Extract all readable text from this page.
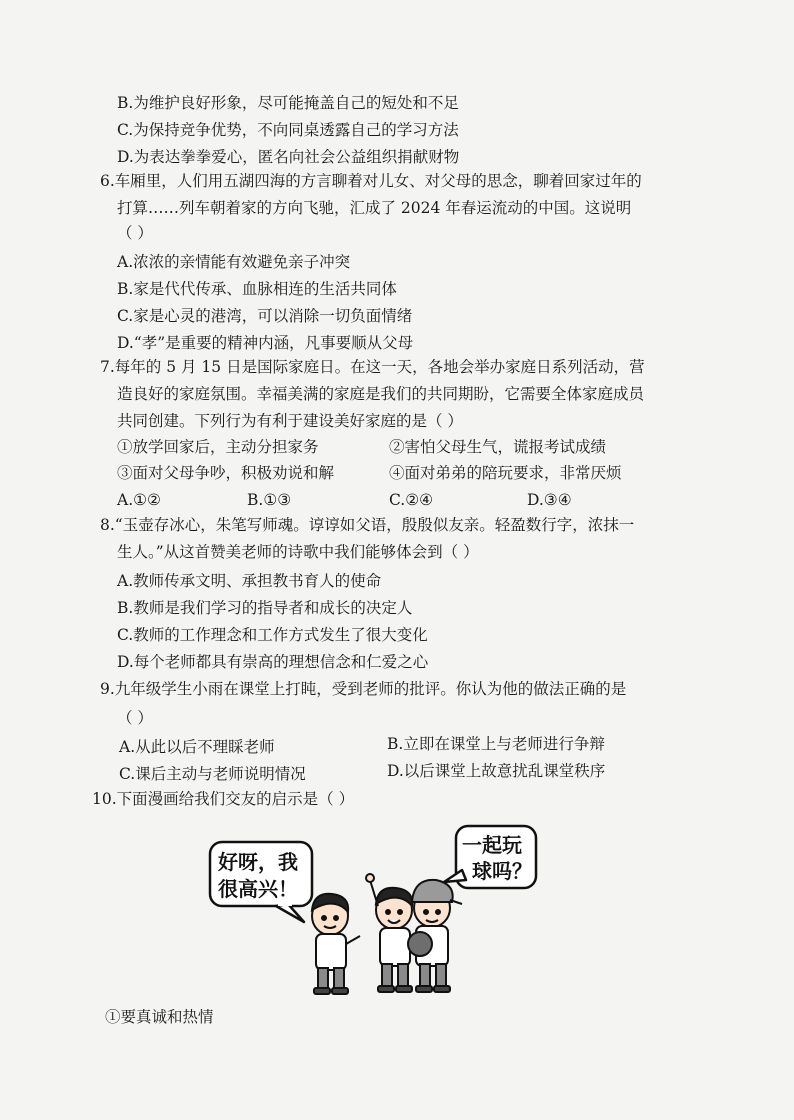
B.为维护良好形象，尽可能掩盖自己的短处和不足
C.为保持竞争优势，不向同桌透露自己的学习方法
D.为表达拳拳爱心，匿名向社会公益组织捐献财物
6.车厢里，人们用五湖四海的方言聊着对儿女、对父母的思念，聊着回家过年的
打算……列车朝着家的方向飞驰，汇成了 2024 年春运流动的中国。这说明
（ ）
A.浓浓的亲情能有效避免亲子冲突
B.家是代代传承、血脉相连的生活共同体
C.家是心灵的港湾，可以消除一切负面情绪
D.“孝”是重要的精神内涵，凡事要顺从父母
7.每年的 5 月 15 日是国际家庭日。在这一天，各地会举办家庭日系列活动，营
造良好的家庭氛围。幸福美满的家庭是我们的共同期盼，它需要全体家庭成员
共同创建。下列行为有利于建设美好家庭的是（ ）
①放学回家后，主动分担家务	②害怕父母生气，谎报考试成绩
③面对父母争吵，积极劝说和解	④面对弟弟的陪玩要求，非常厌烦
A.①②	B.①③	C.②④	D.③④
8.“玉壶存冰心，朱笔写师魂。谆谆如父语，殷殷似友亲。轻盈数行字，浓抹一
生人。”从这首赞美老师的诗歌中我们能够体会到（ ）
A.教师传承文明、承担教书育人的使命
B.教师是我们学习的指导者和成长的决定人
C.教师的工作理念和工作方式发生了很大变化
D.每个老师都具有崇高的理想信念和仁爱之心
9.九年级学生小雨在课堂上打盹，受到老师的批评。你认为他的做法正确的是
（ ）
A.从此以后不理睬老师	B.立即在课堂上与老师进行争辩
C.课后主动与老师说明情况	D.以后课堂上故意扰乱课堂秩序
10.下面漫画给我们交友的启示是（ ）
好呀，我
很高兴！
一起玩
球吗？
①要真诚和热情
